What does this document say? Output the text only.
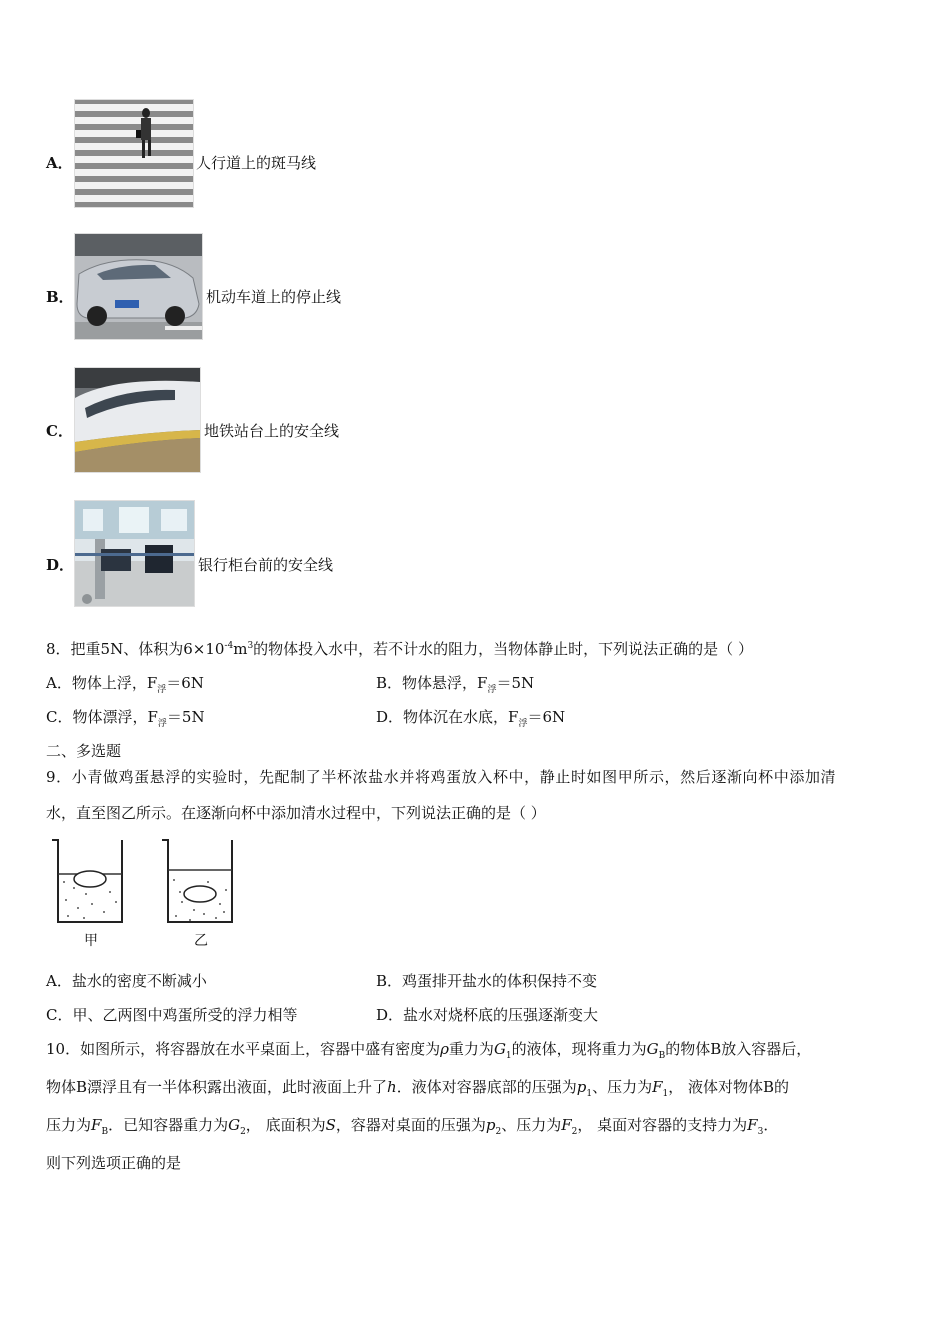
A．	人行道上的斑马线
B．	机动车道上的停止线
C．	地铁站台上的安全线
D．	银行柜台前的安全线
8．把重5N、体积为$6\times 10^{-4}m^3$的物体投入水中，若不计水的阻力，当物体静止时，下列说法正确的是（ ）
A．物体上浮，$F_浮=6N$	B．物体悬浮，$F_浮=5N$
C．物体漂浮，$F_浮=5N$	D．物体沉在水底，$F_浮=6N$
二、多选题
9．小青做鸡蛋悬浮的实验时，先配制了半杯浓盐水并将鸡蛋放入杯中，静止时如图甲所示，然后逐渐向杯中添加清
水，直至图乙所示。在逐渐向杯中添加清水过程中，下列说法正确的是（ ）
甲	乙
A．盐水的密度不断减小	B．鸡蛋排开盐水的体积保持不变
C．甲、乙两图中鸡蛋所受的浮力相等	D．盐水对烧杯底的压强逐渐变大
10．如图所示，将容器放在水平桌面上，容器中盛有密度为ρ重力为$G_1$的液体，现将重力为$G_B$的物体B放入容器后，
物体B漂浮且有一半体积露出液面，此时液面上升了h．液体对容器底部的压强为$p_1$、压力为$F_1$， 液体对物体B的
压力为$F_B$．已知容器重力为$G_2$， 底面积为S，容器对桌面的压强为$p_2$、压力为$F_2$， 桌面对容器的支持力为$F_3$．
则下列选项正确的是
